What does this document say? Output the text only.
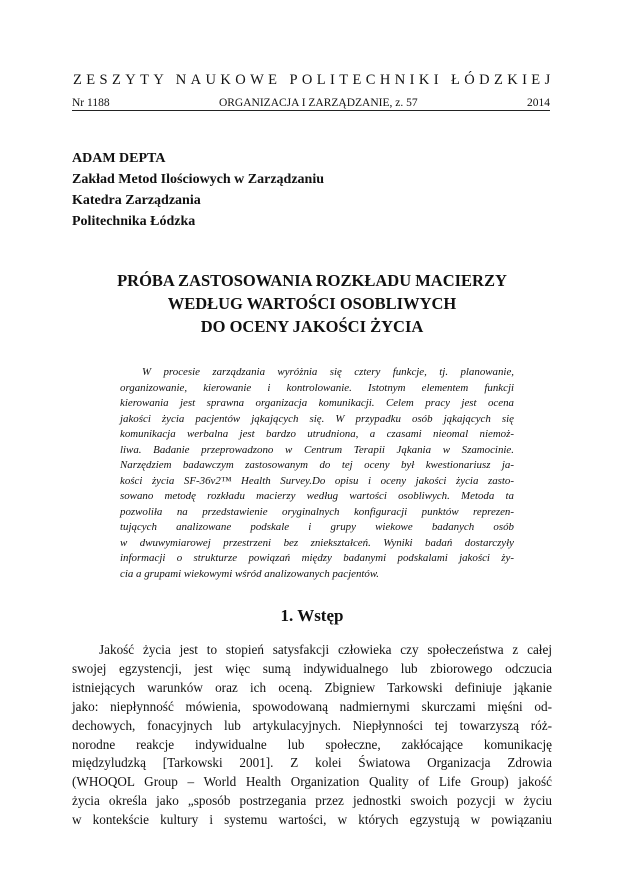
ZESZYTY NAUKOWE POLITECHNIKI ŁÓDZKIEJ
Nr 1188	ORGANIZACJA I ZARZĄDZANIE, z. 57	2014
ADAM DEPTA
Zakład Metod Ilościowych w Zarządzaniu
Katedra Zarządzania
Politechnika Łódzka
PRÓBA ZASTOSOWANIA ROZKŁADU MACIERZY
WEDŁUG WARTOŚCI OSOBLIWYCH
DO OCENY JAKOŚCI ŻYCIA
W procesie zarządzania wyróżnia się cztery funkcje, tj. planowanie,
organizowanie, kierowanie i kontrolowanie. Istotnym elementem funkcji
kierowania jest sprawna organizacja komunikacji. Celem pracy jest ocena
jakości życia pacjentów jąkających się. W przypadku osób jąkających się
komunikacja werbalna jest bardzo utrudniona, a czasami nieomal niemoż-
liwa. Badanie przeprowadzono w Centrum Terapii Jąkania w Szamocinie.
Narzędziem badawczym zastosowanym do tej oceny był kwestionariusz ja-
kości życia SF-36v2™ Health Survey.Do opisu i oceny jakości życia zasto-
sowano metodę rozkładu macierzy według wartości osobliwych. Metoda ta
pozwoliła na przedstawienie oryginalnych konfiguracji punktów reprezen-
tujących analizowane podskale i grupy wiekowe badanych osób
w dwuwymiarowej przestrzeni bez zniekształceń. Wyniki badań dostarczyły
informacji o strukturze powiązań między badanymi podskalami jakości ży-
cia a grupami wiekowymi wśród analizowanych pacjentów.
1. Wstęp
Jakość życia jest to stopień satysfakcji człowieka czy społeczeństwa z całej
swojej egzystencji, jest więc sumą indywidualnego lub zbiorowego odczucia
istniejących warunków oraz ich oceną. Zbigniew Tarkowski definiuje jąkanie
jako: niepłynność mówienia, spowodowaną nadmiernymi skurczami mięśni od-
dechowych, fonacyjnych lub artykulacyjnych. Niepłynności tej towarzyszą róż-
norodne reakcje indywidualne lub społeczne, zakłócające komunikację
międzyludzką [Tarkowski 2001]. Z kolei Światowa Organizacja Zdrowia
(WHOQOL Group – World Health Organization Quality of Life Group) jakość
życia określa jako „sposób postrzegania przez jednostki swoich pozycji w życiu
w kontekście kultury i systemu wartości, w których egzystują w powiązaniu
